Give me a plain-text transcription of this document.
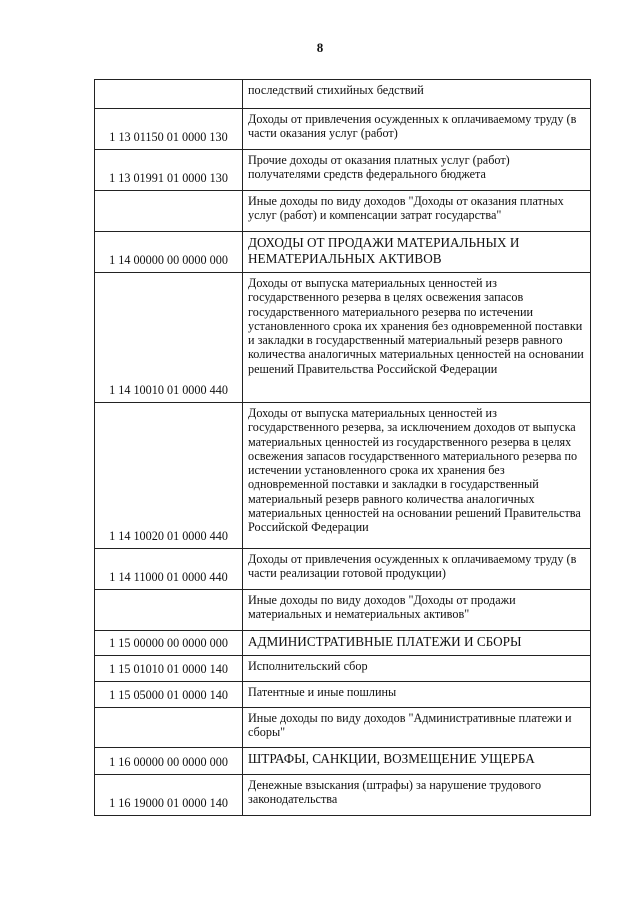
8
	последствий стихийных бедствий
1 13 01150 01 0000 130	Доходы от привлечения осужденных к оплачиваемому труду (в части оказания услуг (работ)
1 13 01991 01 0000 130	Прочие доходы от оказания платных услуг (работ) получателями средств федерального бюджета
	Иные доходы по виду доходов "Доходы от оказания платных услуг (работ) и компенсации затрат государства"
1 14 00000 00 0000 000	ДОХОДЫ ОТ ПРОДАЖИ МАТЕРИАЛЬНЫХ И НЕМАТЕРИАЛЬНЫХ АКТИВОВ
1 14 10010 01 0000 440	Доходы от выпуска материальных ценностей из государственного резерва в целях освежения запасов государственного материального резерва по истечении установленного срока их хранения без одновременной поставки и закладки в государственный материальный резерв равного количества аналогичных материальных ценностей на основании решений Правительства Российской Федерации
1 14 10020 01 0000 440	Доходы от выпуска материальных ценностей из государственного резерва, за исключением доходов от выпуска материальных ценностей из государственного резерва в целях освежения запасов государственного материального резерва по истечении установленного срока их хранения без одновременной поставки и закладки в государственный материальный резерв равного количества аналогичных материальных ценностей на основании решений Правительства Российской Федерации
1 14 11000 01 0000 440	Доходы от привлечения осужденных к оплачиваемому труду (в части реализации готовой продукции)
	Иные доходы по виду доходов "Доходы от продажи материальных и нематериальных активов"
1 15 00000 00 0000 000	АДМИНИСТРАТИВНЫЕ ПЛАТЕЖИ И СБОРЫ
1 15 01010 01 0000 140	Исполнительский сбор
1 15 05000 01 0000 140	Патентные и иные пошлины
	Иные доходы по виду доходов "Административные платежи и сборы"
1 16 00000 00 0000 000	ШТРАФЫ, САНКЦИИ, ВОЗМЕЩЕНИЕ УЩЕРБА
1 16 19000 01 0000 140	Денежные взыскания (штрафы) за нарушение трудового законодательства
